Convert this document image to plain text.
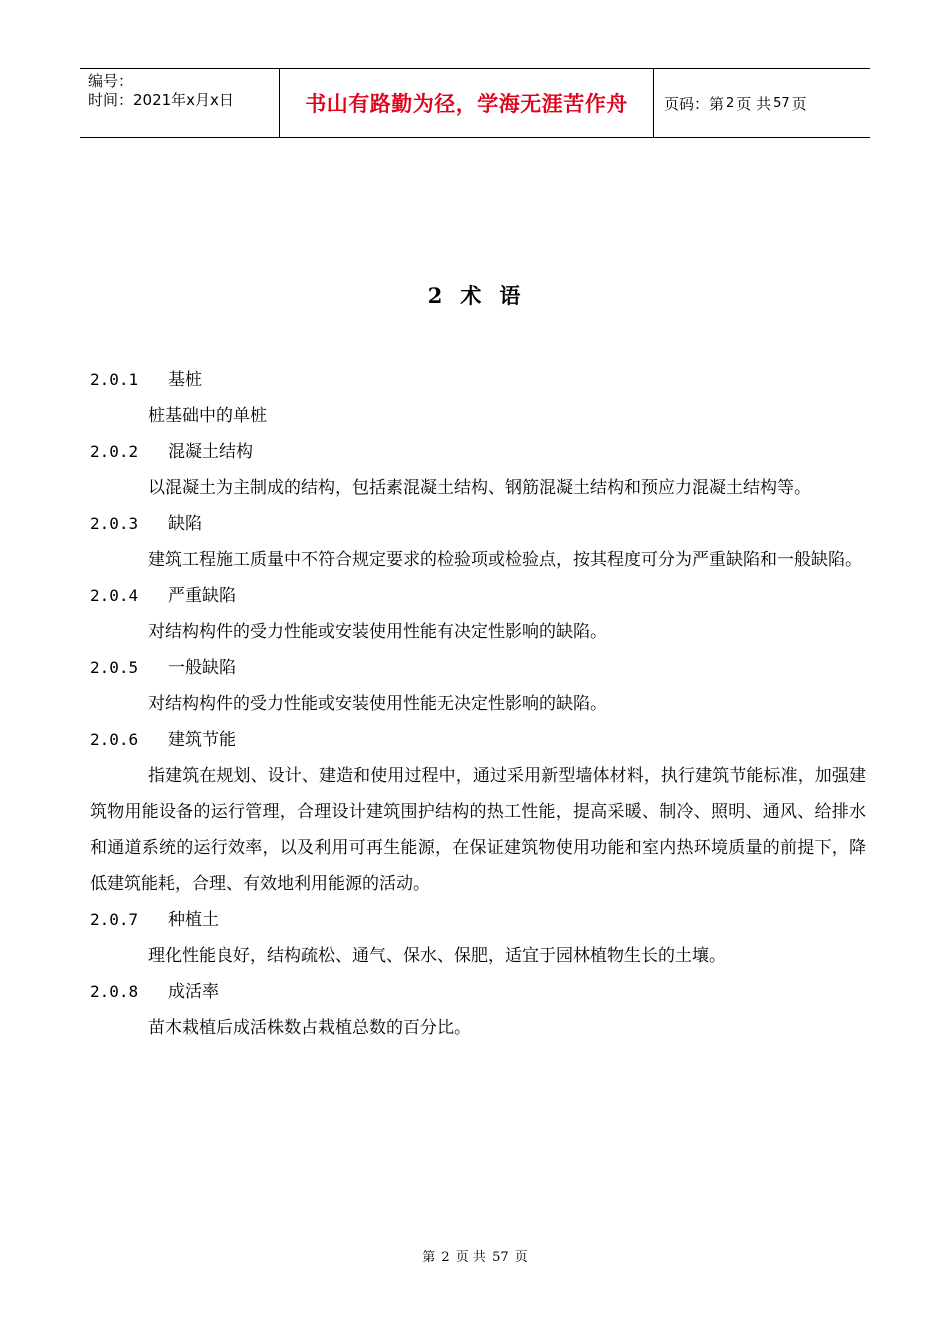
编号：
时间：2021年x月x日	书山有路勤为径，学海无涯苦作舟	页码：第 2 页 共 57 页
2 术 语
2.0.1	基桩
桩基础中的单桩
2.0.2	混凝土结构
以混凝土为主制成的结构，包括素混凝土结构、钢筋混凝土结构和预应力混凝土结构等。
2.0.3	缺陷
建筑工程施工质量中不符合规定要求的检验项或检验点，按其程度可分为严重缺陷和一般缺陷。
2.0.4	严重缺陷
对结构构件的受力性能或安装使用性能有决定性影响的缺陷。
2.0.5	一般缺陷
对结构构件的受力性能或安装使用性能无决定性影响的缺陷。
2.0.6	建筑节能
指建筑在规划、设计、建造和使用过程中，通过采用新型墙体材料，执行建筑节能标准，加强建筑物用能设备的运行管理，合理设计建筑围护结构的热工性能，提高采暖、制冷、照明、通风、给排水和通道系统的运行效率，以及利用可再生能源，在保证建筑物使用功能和室内热环境质量的前提下，降低建筑能耗，合理、有效地利用能源的活动。
2.0.7	种植土
理化性能良好，结构疏松、通气、保水、保肥，适宜于园林植物生长的土壤。
2.0.8	成活率
苗木栽植后成活株数占栽植总数的百分比。
第 2 页 共 57 页
